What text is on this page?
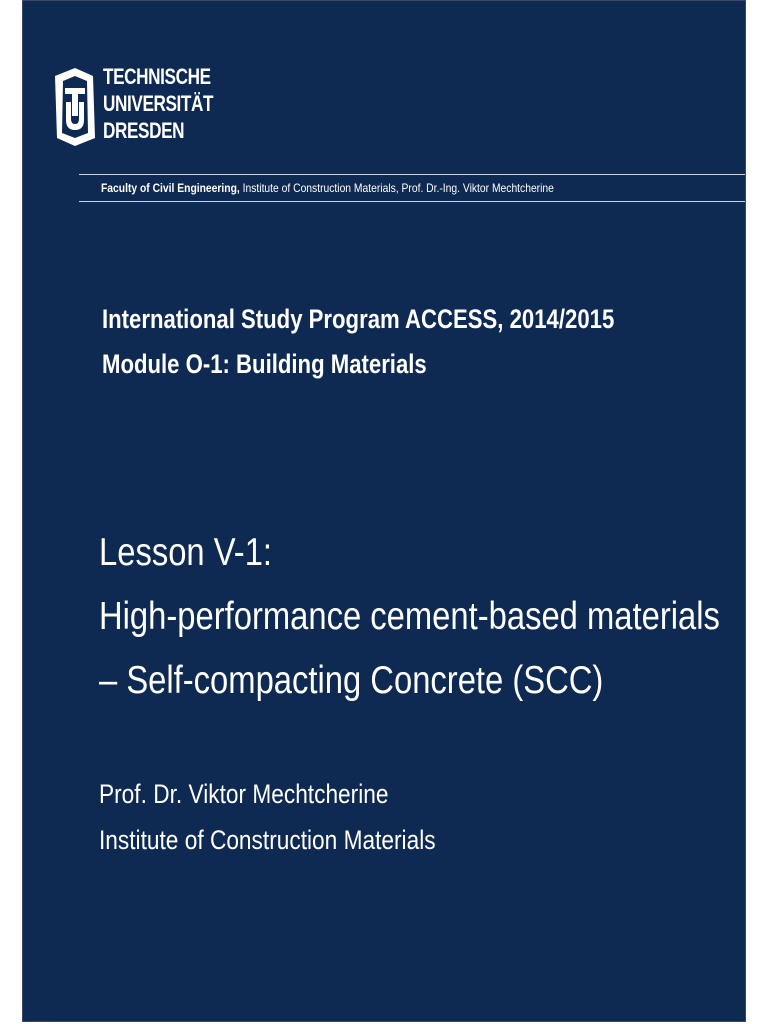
TECHNISCHE
UNIVERSITÄT
DRESDEN
Faculty of Civil Engineering, Institute of Construction Materials, Prof. Dr.-Ing. Viktor Mechtcherine
International Study Program ACCESS, 2014/2015
Module O-1: Building Materials
Lesson V-1:
High-performance cement-based materials
– Self-compacting Concrete (SCC)
Prof. Dr. Viktor Mechtcherine
Institute of Construction Materials
